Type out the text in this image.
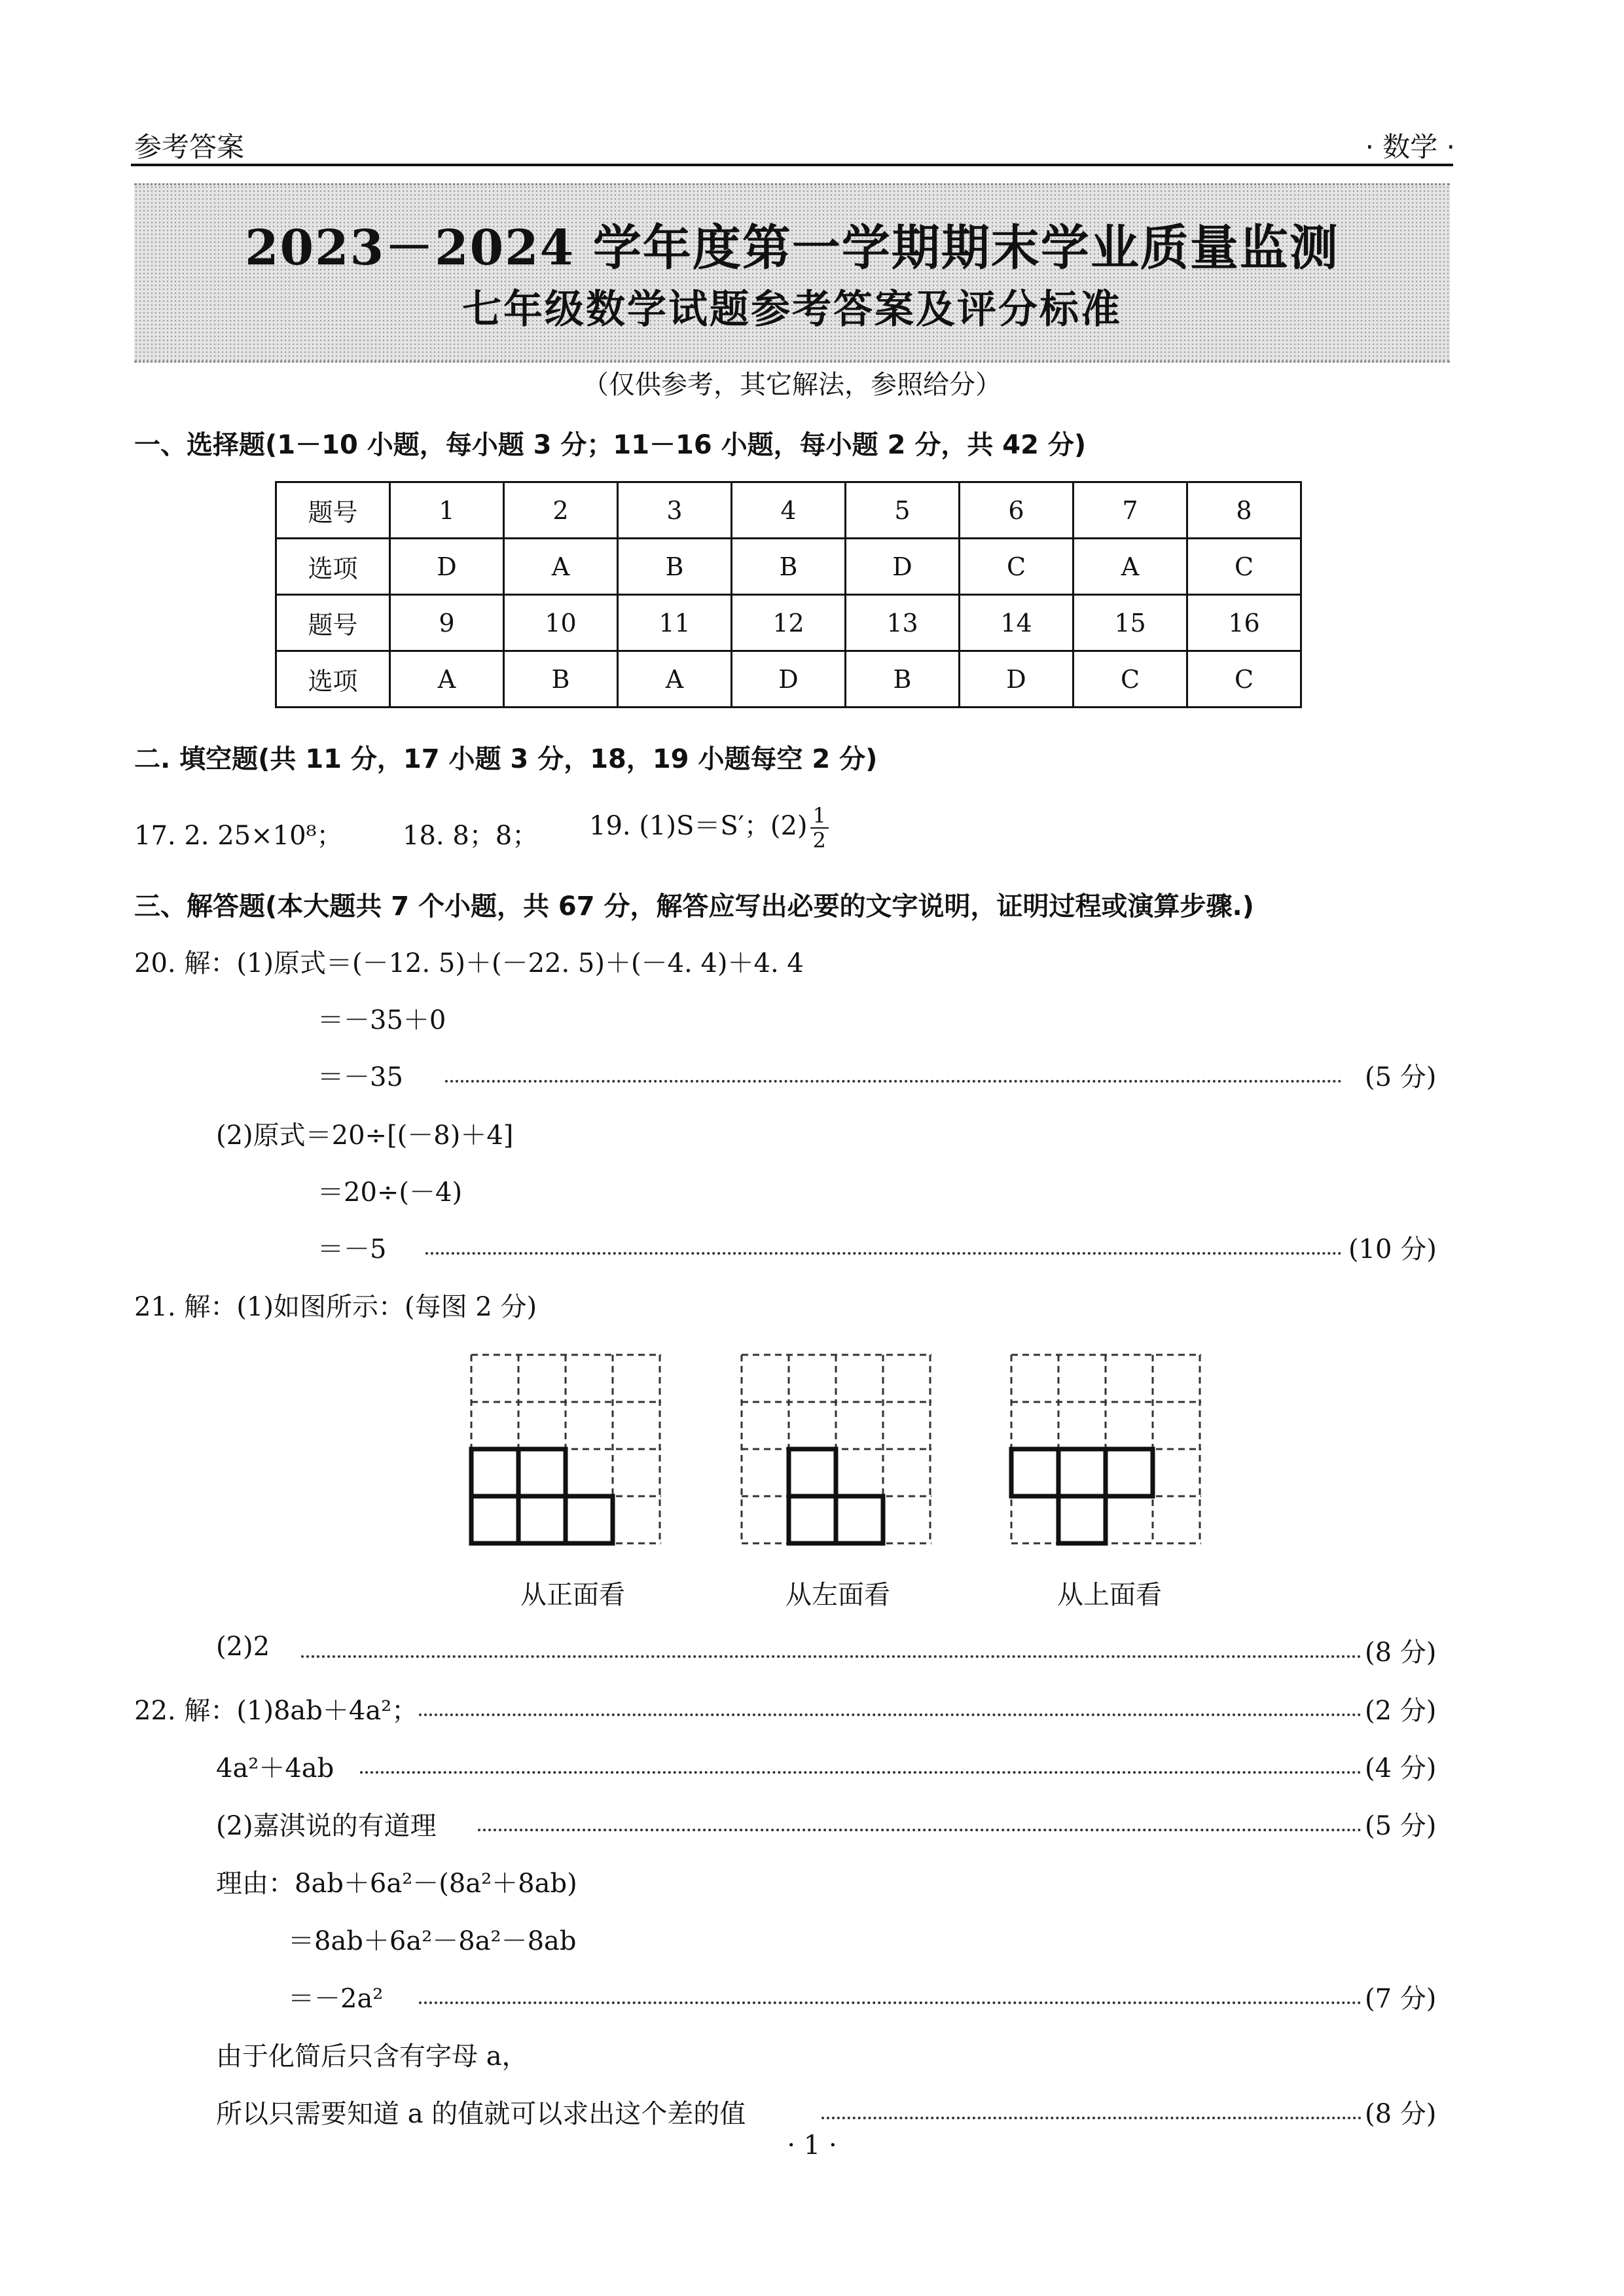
参考答案	· 数学 ·
2023－2024 学年度第一学期期末学业质量监测
七年级数学试题参考答案及评分标准
（仅供参考，其它解法，参照给分）
一、选择题(1－10 小题，每小题 3 分；11－16 小题，每小题 2 分，共 42 分)
题号	1	2	3	4	5	6	7	8
选项	D	A	B	B	D	C	A	C
题号	9	10	11	12	13	14	15	16
选项	A	B	A	D	B	D	C	C
二. 填空题(共 11 分，17 小题 3 分，18，19 小题每空 2 分)
17. 2. 25×10⁸； 18. 8；8； 19. (1)S＝S′；$(2) \frac{1}{2}$
三、解答题(本大题共 7 个小题，共 67 分，解答应写出必要的文字说明，证明过程或演算步骤.)
20. 解：(1)原式＝(－12. 5)＋(－22. 5)＋(－4. 4)＋4. 4
＝－35＋0
＝－35	(5 分)
(2)原式＝20÷[(－8)＋4]
＝20÷(－4)
＝－5	(10 分)
21. 解：(1)如图所示：(每图 2 分)
从正面看	从左面看	从上面看
(2)2	(8 分)
22. 解：(1)8ab＋4a²；	(2 分)
4a²＋4ab	(4 分)
(2)嘉淇说的有道理	(5 分)
理由：8ab＋6a²－(8a²＋8ab)
＝8ab＋6a²－8a²－8ab
＝－2a²	(7 分)
由于化简后只含有字母 a，
所以只需要知道 a 的值就可以求出这个差的值	(8 分)
· 1 ·
